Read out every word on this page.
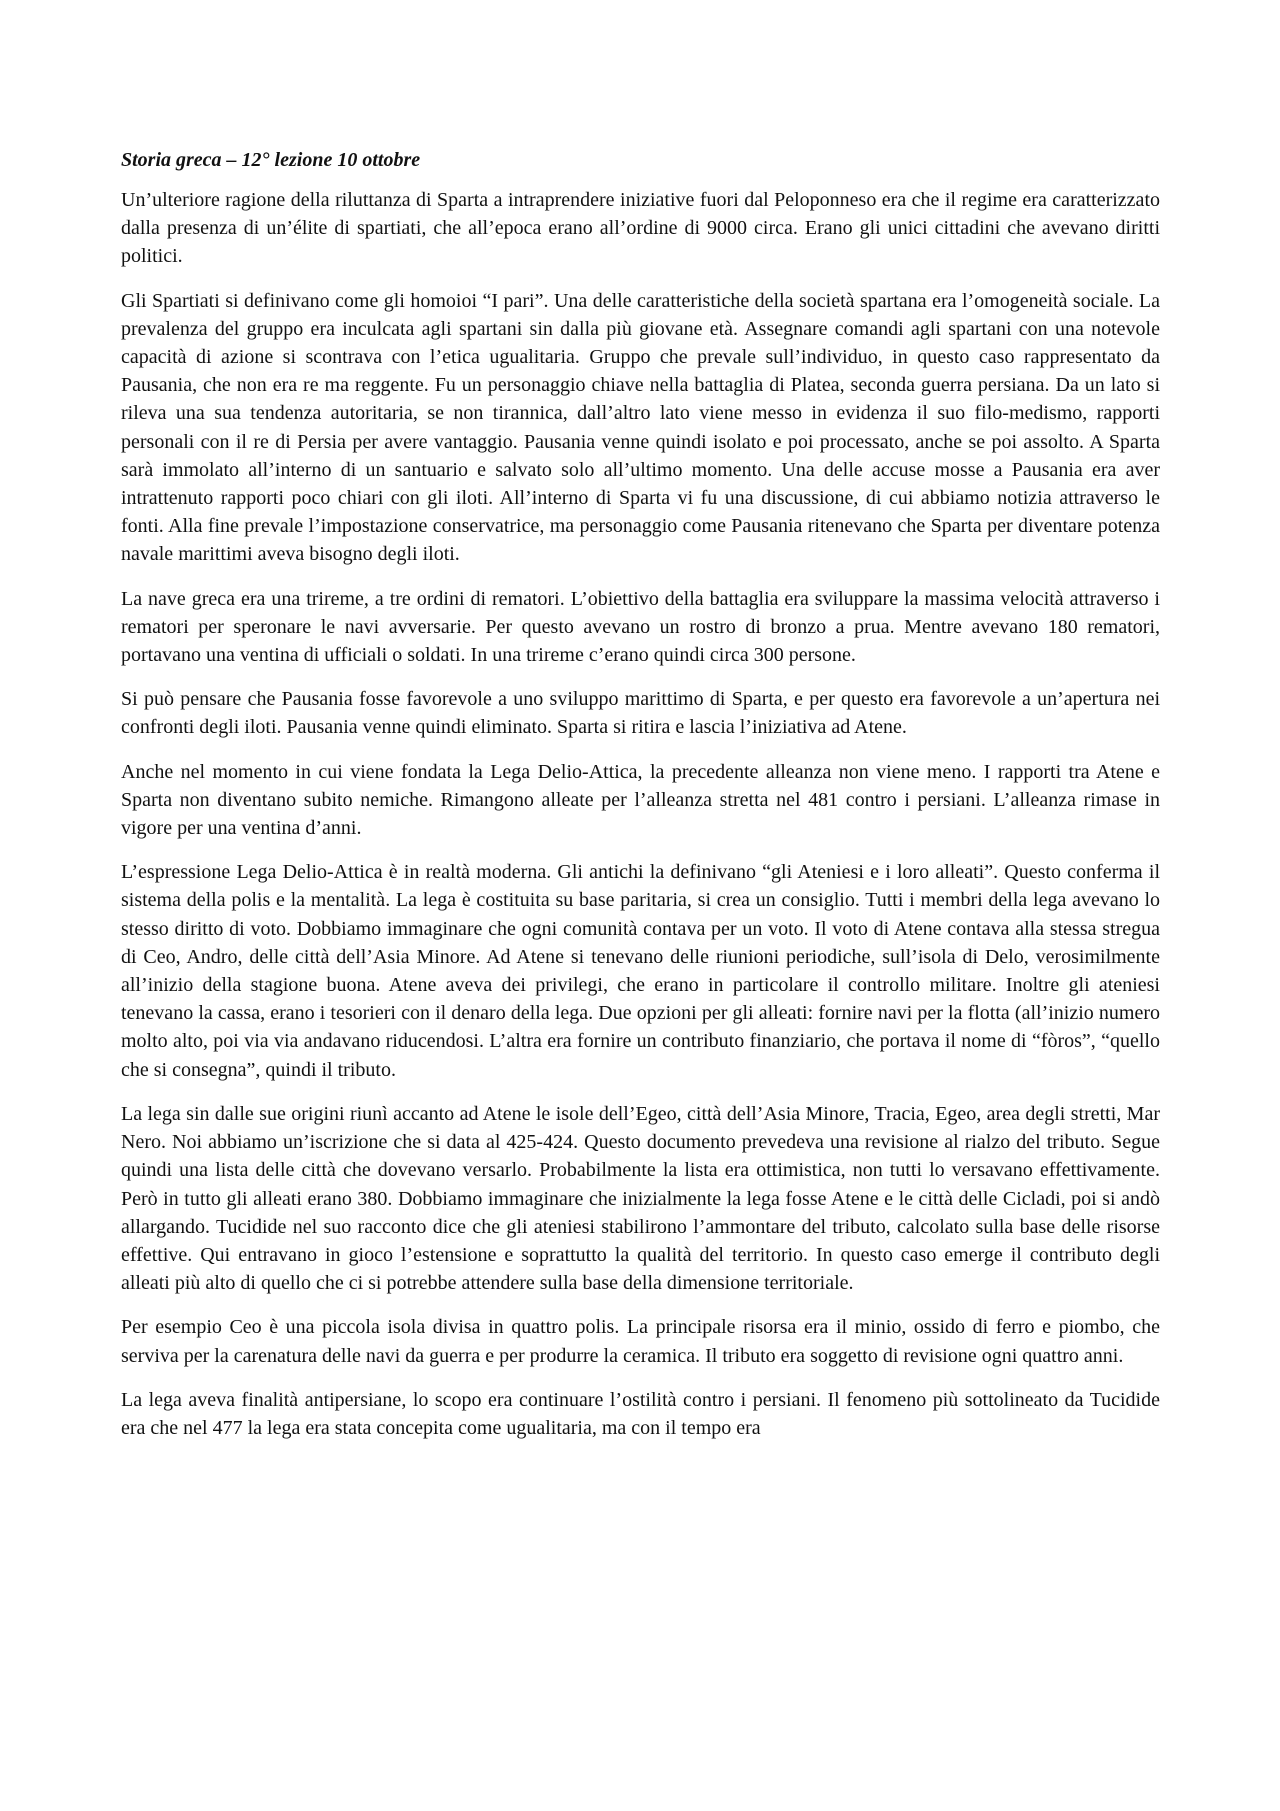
Storia greca – 12° lezione 10 ottobre

Un’ulteriore ragione della riluttanza di Sparta a intraprendere iniziative fuori dal Peloponneso era che il regime era caratterizzato dalla presenza di un’élite di spartiati, che all’epoca erano all’ordine di 9000 circa. Erano gli unici cittadini che avevano diritti politici.

Gli Spartiati si definivano come gli homoioi “I pari”. Una delle caratteristiche della società spartana era l’omogeneità sociale. La prevalenza del gruppo era inculcata agli spartani sin dalla più giovane età. Assegnare comandi agli spartani con una notevole capacità di azione si scontrava con l’etica ugualitaria. Gruppo che prevale sull’individuo, in questo caso rappresentato da Pausania, che non era re ma reggente. Fu un personaggio chiave nella battaglia di Platea, seconda guerra persiana. Da un lato si rileva una sua tendenza autoritaria, se non tirannica, dall’altro lato viene messo in evidenza il suo filo-medismo, rapporti personali con il re di Persia per avere vantaggio. Pausania venne quindi isolato e poi processato, anche se poi assolto. A Sparta sarà immolato all’interno di un santuario e salvato solo all’ultimo momento. Una delle accuse mosse a Pausania era aver intrattenuto rapporti poco chiari con gli iloti. All’interno di Sparta vi fu una discussione, di cui abbiamo notizia attraverso le fonti. Alla fine prevale l’impostazione conservatrice, ma personaggio come Pausania ritenevano che Sparta per diventare potenza navale marittimi aveva bisogno degli iloti.

La nave greca era una trireme, a tre ordini di rematori. L’obiettivo della battaglia era sviluppare la massima velocità attraverso i rematori per speronare le navi avversarie. Per questo avevano un rostro di bronzo a prua. Mentre avevano 180 rematori, portavano una ventina di ufficiali o soldati. In una trireme c’erano quindi circa 300 persone.

Si può pensare che Pausania fosse favorevole a uno sviluppo marittimo di Sparta, e per questo era favorevole a un’apertura nei confronti degli iloti. Pausania venne quindi eliminato. Sparta si ritira e lascia l’iniziativa ad Atene.

Anche nel momento in cui viene fondata la Lega Delio-Attica, la precedente alleanza non viene meno. I rapporti tra Atene e Sparta non diventano subito nemiche. Rimangono alleate per l’alleanza stretta nel 481 contro i persiani. L’alleanza rimase in vigore per una ventina d’anni.

L’espressione Lega Delio-Attica è in realtà moderna. Gli antichi la definivano “gli Ateniesi e i loro alleati”. Questo conferma il sistema della polis e la mentalità. La lega è costituita su base paritaria, si crea un consiglio. Tutti i membri della lega avevano lo stesso diritto di voto. Dobbiamo immaginare che ogni comunità contava per un voto. Il voto di Atene contava alla stessa stregua di Ceo, Andro, delle città dell’Asia Minore. Ad Atene si tenevano delle riunioni periodiche, sull’isola di Delo, verosimilmente all’inizio della stagione buona. Atene aveva dei privilegi, che erano in particolare il controllo militare. Inoltre gli ateniesi tenevano la cassa, erano i tesorieri con il denaro della lega. Due opzioni per gli alleati: fornire navi per la flotta (all’inizio numero molto alto, poi via via andavano riducendosi. L’altra era fornire un contributo finanziario, che portava il nome di “fòros”, “quello che si consegna”, quindi il tributo.

La lega sin dalle sue origini riunì accanto ad Atene le isole dell’Egeo, città dell’Asia Minore, Tracia, Egeo, area degli stretti, Mar Nero. Noi abbiamo un’iscrizione che si data al 425-424. Questo documento prevedeva una revisione al rialzo del tributo. Segue quindi una lista delle città che dovevano versarlo. Probabilmente la lista era ottimistica, non tutti lo versavano effettivamente. Però in tutto gli alleati erano 380. Dobbiamo immaginare che inizialmente la lega fosse Atene e le città delle Cicladi, poi si andò allargando. Tucidide nel suo racconto dice che gli ateniesi stabilirono l’ammontare del tributo, calcolato sulla base delle risorse effettive. Qui entravano in gioco l’estensione e soprattutto la qualità del territorio. In questo caso emerge il contributo degli alleati più alto di quello che ci si potrebbe attendere sulla base della dimensione territoriale.

Per esempio Ceo è una piccola isola divisa in quattro polis. La principale risorsa era il minio, ossido di ferro e piombo, che serviva per la carenatura delle navi da guerra e per produrre la ceramica. Il tributo era soggetto di revisione ogni quattro anni.

La lega aveva finalità antipersiane, lo scopo era continuare l’ostilità contro i persiani. Il fenomeno più sottolineato da Tucidide era che nel 477 la lega era stata concepita come ugualitaria, ma con il tempo era
